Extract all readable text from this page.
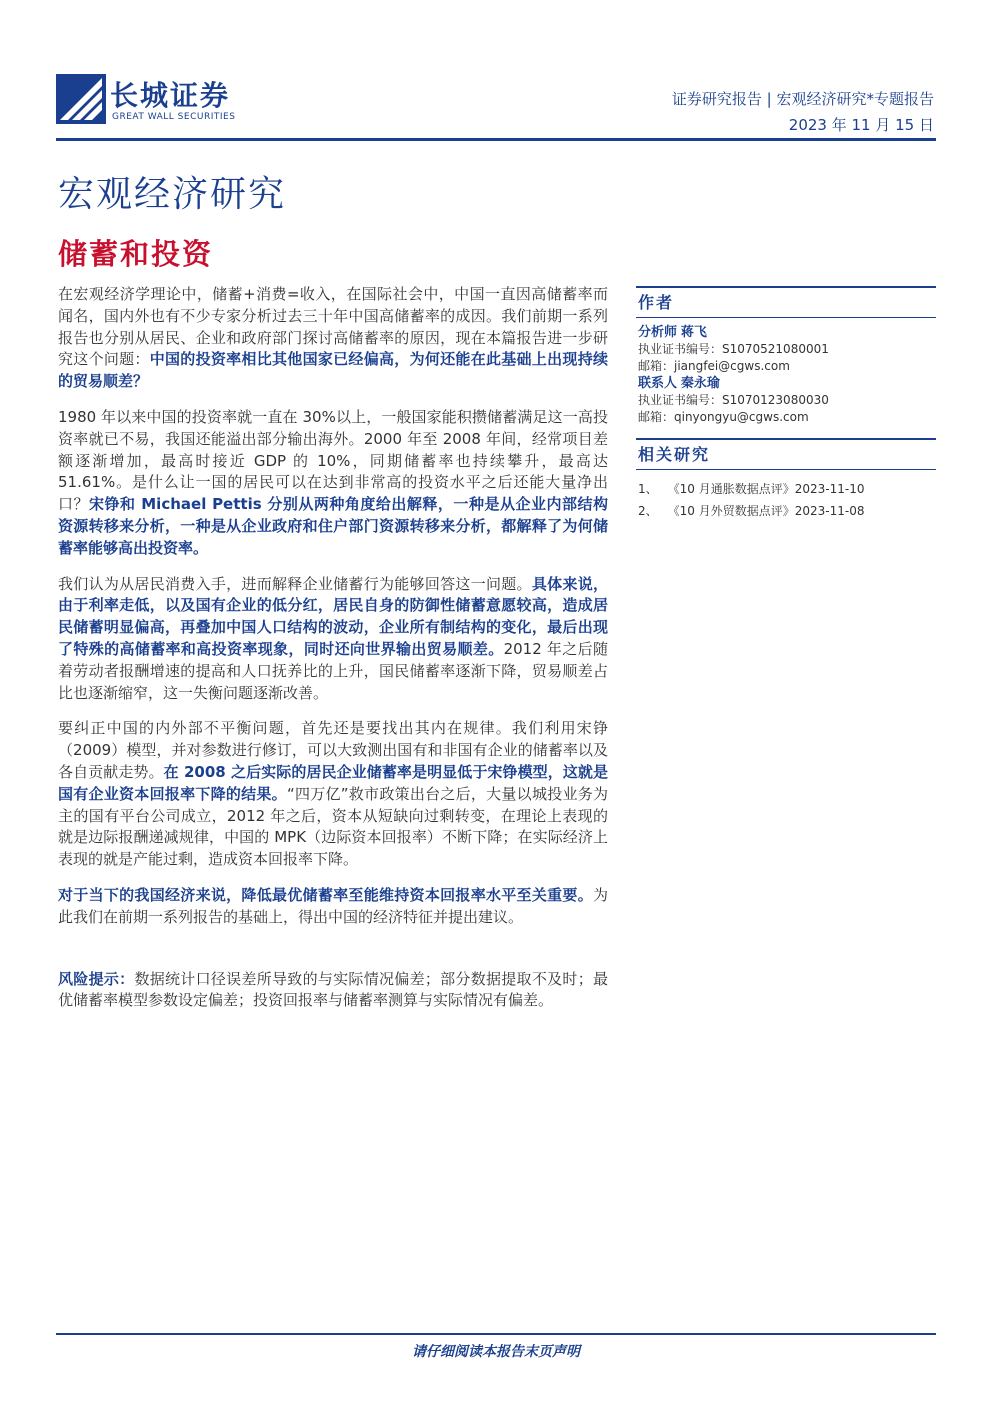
长城证券
GREAT WALL SECURITIES
证券研究报告 | 宏观经济研究*专题报告
2023 年 11 月 15 日
宏观经济研究
储蓄和投资

在宏观经济学理论中，储蓄+消费=收入，在国际社会中，中国一直因高储蓄率而闻名，国内外也有不少专家分析过去三十年中国高储蓄率的成因。我们前期一系列报告也分别从居民、企业和政府部门探讨高储蓄率的原因，现在本篇报告进一步研究这个问题：中国的投资率相比其他国家已经偏高，为何还能在此基础上出现持续的贸易顺差？

1980 年以来中国的投资率就一直在 30%以上，一般国家能积攒储蓄满足这一高投资率就已不易，我国还能溢出部分输出海外。2000 年至 2008 年间，经常项目差额逐渐增加，最高时接近 GDP 的 10%，同期储蓄率也持续攀升，最高达 51.61%。是什么让一国的居民可以在达到非常高的投资水平之后还能大量净出口？宋铮和 Michael Pettis 分别从两种角度给出解释，一种是从企业内部结构资源转移来分析，一种是从企业政府和住户部门资源转移来分析，都解释了为何储蓄率能够高出投资率。

我们认为从居民消费入手，进而解释企业储蓄行为能够回答这一问题。具体来说，由于利率走低，以及国有企业的低分红，居民自身的防御性储蓄意愿较高，造成居民储蓄明显偏高，再叠加中国人口结构的波动，企业所有制结构的变化，最后出现了特殊的高储蓄率和高投资率现象，同时还向世界输出贸易顺差。2012 年之后随着劳动者报酬增速的提高和人口抚养比的上升，国民储蓄率逐渐下降，贸易顺差占比也逐渐缩窄，这一失衡问题逐渐改善。

要纠正中国的内外部不平衡问题，首先还是要找出其内在规律。我们利用宋铮（2009）模型，并对参数进行修订，可以大致测出国有和非国有企业的储蓄率以及各自贡献走势。在 2008 之后实际的居民企业储蓄率是明显低于宋铮模型，这就是国有企业资本回报率下降的结果。“四万亿”救市政策出台之后，大量以城投业务为主的国有平台公司成立，2012 年之后，资本从短缺向过剩转变，在理论上表现的就是边际报酬递减规律，中国的 MPK（边际资本回报率）不断下降；在实际经济上表现的就是产能过剩，造成资本回报率下降。

对于当下的我国经济来说，降低最优储蓄率至能维持资本回报率水平至关重要。为此我们在前期一系列报告的基础上，得出中国的经济特征并提出建议。

风险提示：数据统计口径误差所导致的与实际情况偏差；部分数据提取不及时；最优储蓄率模型参数设定偏差；投资回报率与储蓄率测算与实际情况有偏差。

作者
分析师 蒋飞
执业证书编号：S1070521080001
邮箱：jiangfei@cgws.com
联系人 秦永瑜
执业证书编号：S1070123080030
邮箱：qinyongyu@cgws.com
相关研究
1、 《10 月通胀数据点评》2023-11-10
2、 《10 月外贸数据点评》2023-11-08
请仔细阅读本报告末页声明
